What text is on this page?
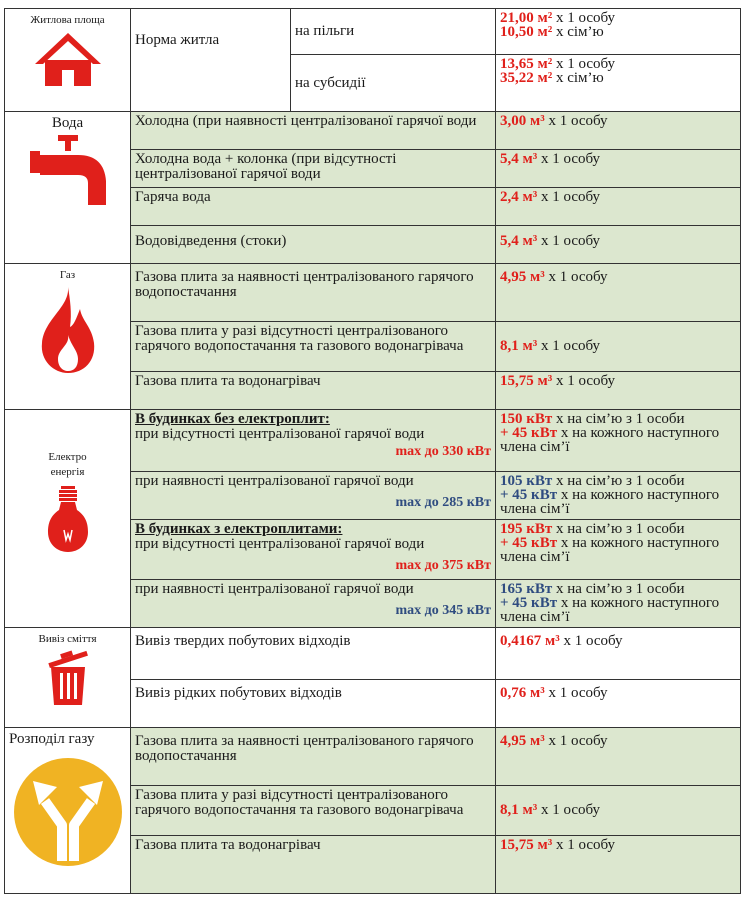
Житлова площа	Норма житла	на пільги	21,00 м² х 1 особу
10,50 м² х сім’ю
		на субсидії	13,65 м² х 1 особу
35,22 м² х сім’ю

Вода	Холодна (при наявності централізованої гарячої води		3,00 м³ х 1 особу
	Холодна вода + колонка (при відсутності централізованої гарячої води		5,4 м³ х 1 особу
	Гаряча вода		2,4 м³ х 1 особу
	Водовідведення (стоки)		5,4 м³ х 1 особу

Газ	Газова плита за наявності централізованого гарячого водопостачання		4,95 м³ х 1 особу
	Газова плита у разі відсутності централізованого гарячого водопостачання та газового водонагрівача		8,1 м³ х 1 особу
	Газова плита та водонагрівач		15,75 м³ х 1 особу

Електро енергія	В будинках без електроплит:
при відсутності централізованої гарячої води
max до 330 кВт		150 кВт х на сім’ю з 1 особи
+ 45 кВт х на кожного наступного члена сім’ї
	при наявності централізованої гарячої води
max до 285 кВт		105 кВт х на сім’ю з 1 особи
+ 45 кВт х на кожного наступного члена сім’ї

	В будинках з електроплитами:
при відсутності централізованої гарячої води
max до 375 кВт		195 кВт х на сім’ю з 1 особи
+ 45 кВт х на кожного наступного члена сім’ї
	при наявності централізованої гарячої води
max до 345 кВт		165 кВт х на сім’ю з 1 особи
+ 45 кВт х на кожного наступного члена сім’ї

Вивіз сміття	Вивіз твердих побутових відходів		0,4167 м³ х 1 особу
	Вивіз рідких побутових відходів		0,76 м³ х 1 особу

Розподіл газу	Газова плита за наявності централізованого гарячого водопостачання		4,95 м³ х 1 особу
	Газова плита у разі відсутності централізованого гарячого водопостачання та газового водонагрівача		8,1 м³ х 1 особу
	Газова плита та водонагрівач		15,75 м³ х 1 особу
